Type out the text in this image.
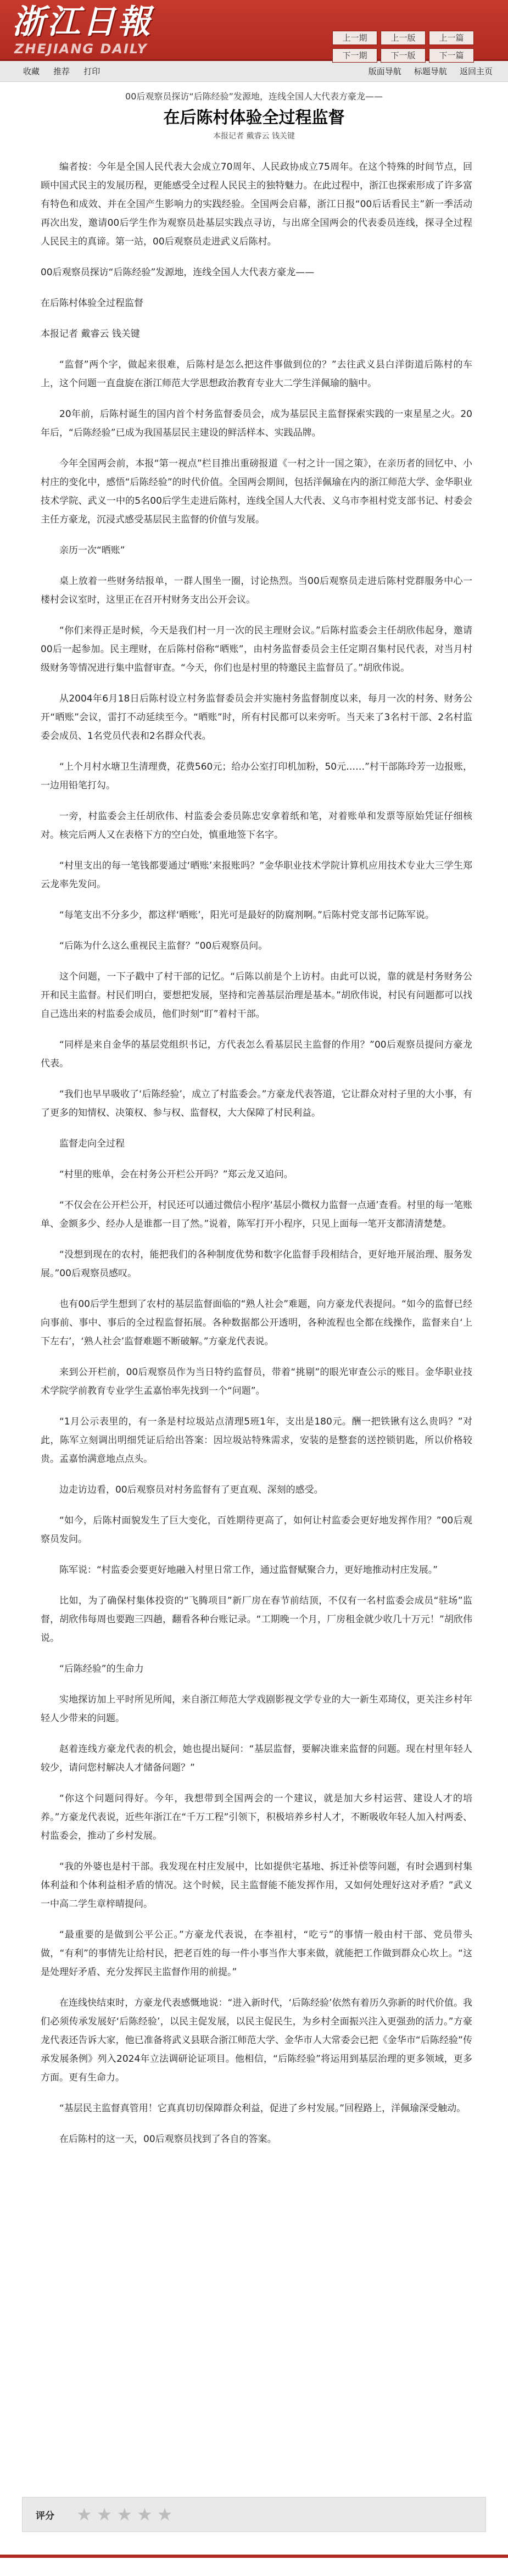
浙江日報
ZHEJIANG DAILY
上一期	上一版	上一篇
下一期	下一版	下一篇
收藏 推荐 打印	版面导航 标题导航 返回主页
00后观察员探访“后陈经验”发源地，连线全国人大代表方豪龙——
在后陈村体验全过程监督
本报记者 戴睿云 钱关键

编者按：今年是全国人民代表大会成立70周年、人民政协成立75周年。在这个特殊的时间节点，回顾中国式民主的发展历程，更能感受全过程人民民主的独特魅力。在此过程中，浙江也探索形成了许多富有特色和成效、并在全国产生影响力的实践经验。全国两会启幕，浙江日报“00后话看民主”新一季活动再次出发，邀请00后学生作为观察员赴基层实践点寻访，与出席全国两会的代表委员连线，探寻全过程人民民主的真谛。第一站，00后观察员走进武义后陈村。

00后观察员探访“后陈经验”发源地，连线全国人大代表方豪龙——

在后陈村体验全过程监督

本报记者 戴睿云 钱关键

“监督”两个字，做起来很难，后陈村是怎么把这件事做到位的？”去往武义县白洋街道后陈村的车上，这个问题一直盘旋在浙江师范大学思想政治教育专业大二学生洋佩瑜的脑中。

20年前，后陈村诞生的国内首个村务监督委员会，成为基层民主监督探索实践的一束星星之火。20年后，“后陈经验”已成为我国基层民主建设的鲜活样本、实践品牌。

今年全国两会前，本报“第一视点”栏目推出重磅报道《一村之计一国之策》，在亲历者的回忆中、小村庄的变化中，感悟“后陈经验”的时代价值。全国两会期间，包括洋佩瑜在内的浙江师范大学、金华职业技术学院、武义一中的5名00后学生走进后陈村，连线全国人大代表、义乌市李祖村党支部书记、村委会主任方豪龙，沉浸式感受基层民主监督的价值与发展。

亲历一次“晒账”

桌上放着一些财务结报单，一群人围坐一圈，讨论热烈。当00后观察员走进后陈村党群服务中心一楼村会议室时，这里正在召开村财务支出公开会议。

“你们来得正是时候，今天是我们村一月一次的民主理财会议。”后陈村监委会主任胡欣伟起身，邀请00后一起参加。民主理财，在后陈村俗称“晒账”，由村务监督委员会主任定期召集村民代表，对当月村级财务等情况进行集中监督审查。“今天，你们也是村里的特邀民主监督员了。”胡欣伟说。

从2004年6月18日后陈村设立村务监督委员会并实施村务监督制度以来，每月一次的村务、财务公开“晒账”会议，雷打不动延续至今。“晒账”时，所有村民都可以来旁听。当天来了3名村干部、2名村监委会成员、1名党员代表和2名群众代表。

“上个月村水塘卫生清理费，花费560元；给办公室打印机加粉，50元……”村干部陈玲芳一边报账，一边用铅笔打勾。

一旁，村监委会主任胡欣伟、村监委会委员陈忠安拿着纸和笔，对着账单和发票等原始凭证仔细核对。核完后两人又在表格下方的空白处，慎重地签下名字。

“村里支出的每一笔钱都要通过‘晒账’来报账吗？”金华职业技术学院计算机应用技术专业大三学生郑云龙率先发问。

“每笔支出不分多少，都这样‘晒账’，阳光可是最好的防腐剂啊。”后陈村党支部书记陈军说。

“后陈为什么这么重视民主监督？”00后观察员问。

这个问题，一下子戳中了村干部的记忆。“后陈以前是个上访村。由此可以说，靠的就是村务财务公开和民主监督。村民们明白，要想把发展，坚持和完善基层治理是基本。”胡欣伟说，村民有问题都可以找自己选出来的村监委会成员，他们时刻“盯”着村干部。

“同样是来自金华的基层党组织书记，方代表怎么看基层民主监督的作用？”00后观察员提问方豪龙代表。

“我们也早早吸收了‘后陈经验’，成立了村监委会。”方豪龙代表答道，它让群众对村子里的大小事，有了更多的知情权、决策权、参与权、监督权，大大保障了村民利益。

监督走向全过程

“村里的账单，会在村务公开栏公开吗？”郑云龙又追问。

“不仅会在公开栏公开，村民还可以通过微信小程序‘基层小微权力监督一点通’查看。村里的每一笔账单、金额多少、经办人是谁都一目了然。”说着，陈军打开小程序，只见上面每一笔开支都清清楚楚。

“没想到现在的农村，能把我们的各种制度优势和数字化监督手段相结合，更好地开展治理、服务发展。”00后观察员感叹。

也有00后学生想到了农村的基层监督面临的“熟人社会”难题，向方豪龙代表提问。“如今的监督已经向事前、事中、事后的全过程监督拓展。各种数据都公开透明，各种流程也全都在线操作，监督来自‘上下左右’，‘熟人社会’监督难题不断破解。”方豪龙代表说。

来到公开栏前，00后观察员作为当日特约监督员，带着“挑剔”的眼光审查公示的账目。金华职业技术学院学前教育专业学生孟嘉怡率先找到一个“问题”。

“1月公示表里的，有一条是村垃圾站点清理5班1年，支出是180元。酬一把铁锹有这么贵吗？”对此，陈军立刻调出明细凭证后给出答案：因垃圾站特殊需求，安装的是整套的送控锁钥匙，所以价格较贵。孟嘉怡满意地点点头。

边走访边看，00后观察员对村务监督有了更直观、深刻的感受。

“如今，后陈村面貌发生了巨大变化，百姓期待更高了，如何让村监委会更好地发挥作用？”00后观察员发问。

陈军说：“村监委会要更好地融入村里日常工作，通过监督赋聚合力，更好地推动村庄发展。”

比如，为了确保村集体投资的“飞腾项目”新厂房在春节前结顶，不仅有一名村监委会成员“驻场”监督，胡欣伟每周也要跑三四趟，翻看各种台账记录。“工期晚一个月，厂房租金就少收几十万元！”胡欣伟说。

“后陈经验”的生命力

实地探访加上平时所见所闻，来自浙江师范大学戏剧影视文学专业的大一新生邓琦仪，更关注乡村年轻人少带来的问题。

赵着连线方豪龙代表的机会，她也提出疑问：“基层监督，要解决谁来监督的问题。现在村里年轻人较少，请问您村解决人才储备问题？”

“你这个问题问得好。今年，我想带到全国两会的一个建议，就是加大乡村运营、建设人才的培养。”方豪龙代表说，近些年浙江在“千万工程”引领下，积极培养乡村人才，不断吸收年轻人加入村两委、村监委会，推动了乡村发展。

“我的外婆也是村干部。我发现在村庄发展中，比如提供宅基地、拆迁补偿等问题，有时会遇到村集体利益和个体利益相矛盾的情况。这个时候，民主监督能不能发挥作用，又如何处理好这对矛盾？”武义一中高二学生章梓晴提问。

“最重要的是做到公平公正。”方豪龙代表说，在李祖村，“吃亏”的事情一般由村干部、党员带头做，“有利”的事情先让给村民，把老百姓的每一件小事当作大事来做，就能把工作做到群众心坎上。“这是处理好矛盾、充分发挥民主监督作用的前提。”

在连线快结束时，方豪龙代表感慨地说：“进入新时代，‘后陈经验’依然有着历久弥新的时代价值。我们必须传承发展好‘后陈经验’，以民主促发展，以民主促民生，为乡村全面振兴注入更强劲的活力。”方豪龙代表还告诉大家，他已准备将武义县联合浙江师范大学、金华市人大常委会已把《金华市“后陈经验”传承发展条例》列入2024年立法调研论证项目。他相信，“后陈经验”将运用到基层治理的更多领域，更多方面。更有生命力。

“基层民主监督真管用！它真真切切保障群众利益，促进了乡村发展。”回程路上，洋佩瑜深受触动。

在后陈村的这一天，00后观察员找到了各自的答案。

评分 ★ ★ ★ ★ ★
